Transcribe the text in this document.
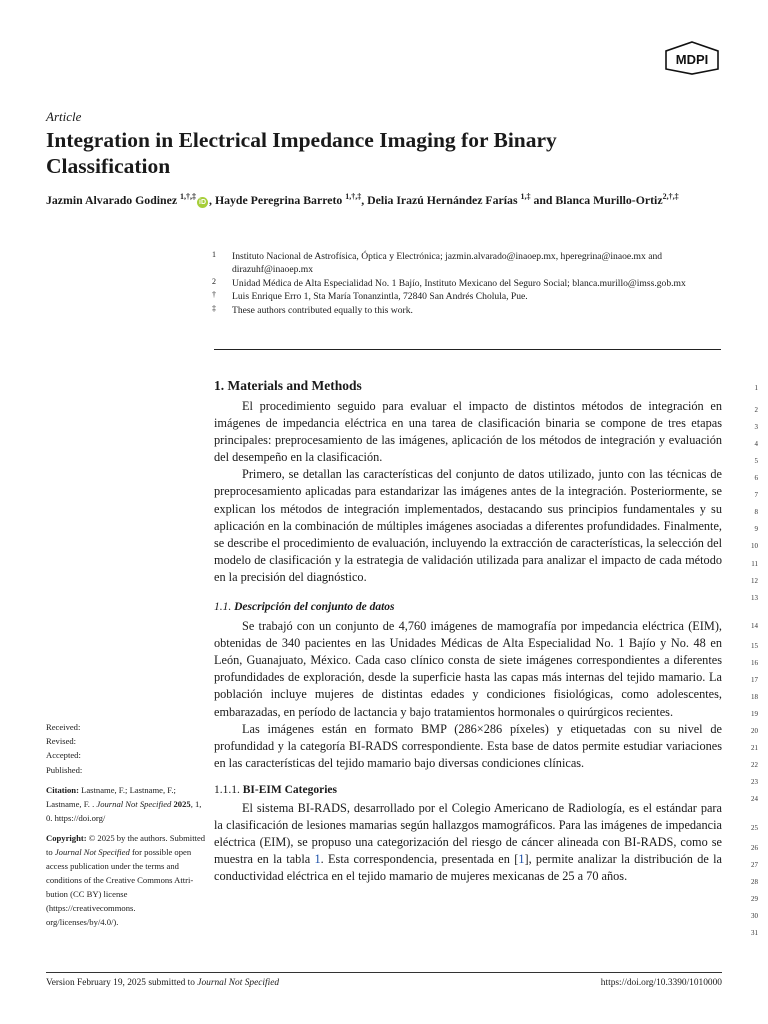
MDPI
Article
Integration in Electrical Impedance Imaging for Binary Classification
Jazmin Alvarado Godinez $^{1,\dagger,\ddagger}$iD , Hayde Peregrina Barreto $^{1,\dagger,\ddagger}$, Delia Irazú Hernández Farías $^{1,\ddagger}$ and Blanca Murillo-Ortiz$^{2,\dagger,\ddagger}$
1 Instituto Nacional de Astrofísica, Óptica y Electrónica; jazmin.alvarado@inaoep.mx, hperegrina@inaoe.mx and dirazuhf@inaoep.mx
2 Unidad Médica de Alta Especialidad No. 1 Bajío, Instituto Mexicano del Seguro Social; blanca.murillo@imss.gob.mx
† Luis Enrique Erro 1, Sta María Tonanzintla, 72840 San Andrés Cholula, Pue.
‡ These authors contributed equally to this work.
1. Materials and Methods
El procedimiento seguido para evaluar el impacto de distintos métodos de integración en imágenes de impedancia eléctrica en una tarea de clasificación binaria se compone de tres etapas principales: preprocesamiento de las imágenes, aplicación de los métodos de integración y evaluación del desempeño en la clasificación.
Primero, se detallan las características del conjunto de datos utilizado, junto con las técnicas de preprocesamiento aplicadas para estandarizar las imágenes antes de la integración. Posteriormente, se explican los métodos de integración implementados, destacando sus principios fundamentales y su aplicación en la combinación de múltiples imágenes asociadas a diferentes profundidades. Finalmente, se describe el procedimiento de evaluación, incluyendo la extracción de características, la selección del modelo de clasificación y la estrategia de validación utilizada para analizar el impacto de cada método en la precisión del diagnóstico.
1.1. Descripción del conjunto de datos
Se trabajó con un conjunto de 4,760 imágenes de mamografía por impedancia eléctrica (EIM), obtenidas de 340 pacientes en las Unidades Médicas de Alta Especialidad No. 1 Bajío y No. 48 en León, Guanajuato, México. Cada caso clínico consta de siete imágenes correspondientes a diferentes profundidades de exploración, desde la superficie hasta las capas más internas del tejido mamario. La población incluye mujeres de distintas edades y condiciones fisiológicas, como adolescentes, embarazadas, en período de lactancia y bajo tratamientos hormonales o quirúrgicos recientes.
Las imágenes están en formato BMP (286×286 píxeles) y etiquetadas con su nivel de profundidad y la categoría BI-RADS correspondiente. Esta base de datos permite estudiar variaciones en las características del tejido mamario bajo diversas condiciones clínicas.
1.1.1. BI-EIM Categories
El sistema BI-RADS, desarrollado por el Colegio Americano de Radiología, es el estándar para la clasificación de lesiones mamarias según hallazgos mamográficos. Para las imágenes de impedancia eléctrica (EIM), se propuso una categorización del riesgo de cáncer alineada con BI-RADS, como se muestra en la tabla 1. Esta correspondencia, presentada en [1], permite analizar la distribución de la conductividad eléctrica en el tejido mamario de mujeres mexicanas de 25 a 70 años.
1
2
3
4
5
6
7
8
9
10
11
12
13
14
15
16
17
18
19
20
21
22
23
24
25
26
27
28
29
30
31
Received:
Revised:
Accepted:
Published:
Citation: Lastname, F.; Lastname, F.; Lastname, F. . Journal Not Specified 2025, 1, 0. https://doi.org/
Copyright: © 2025 by the authors. Submitted to Journal Not Specified for possible open access publication under the terms and conditions of the Creative Commons Attribution (CC BY) license (https://creativecommons. org/licenses/by/4.0/).
Version February 19, 2025 submitted to Journal Not Specified	https://doi.org/10.3390/1010000
